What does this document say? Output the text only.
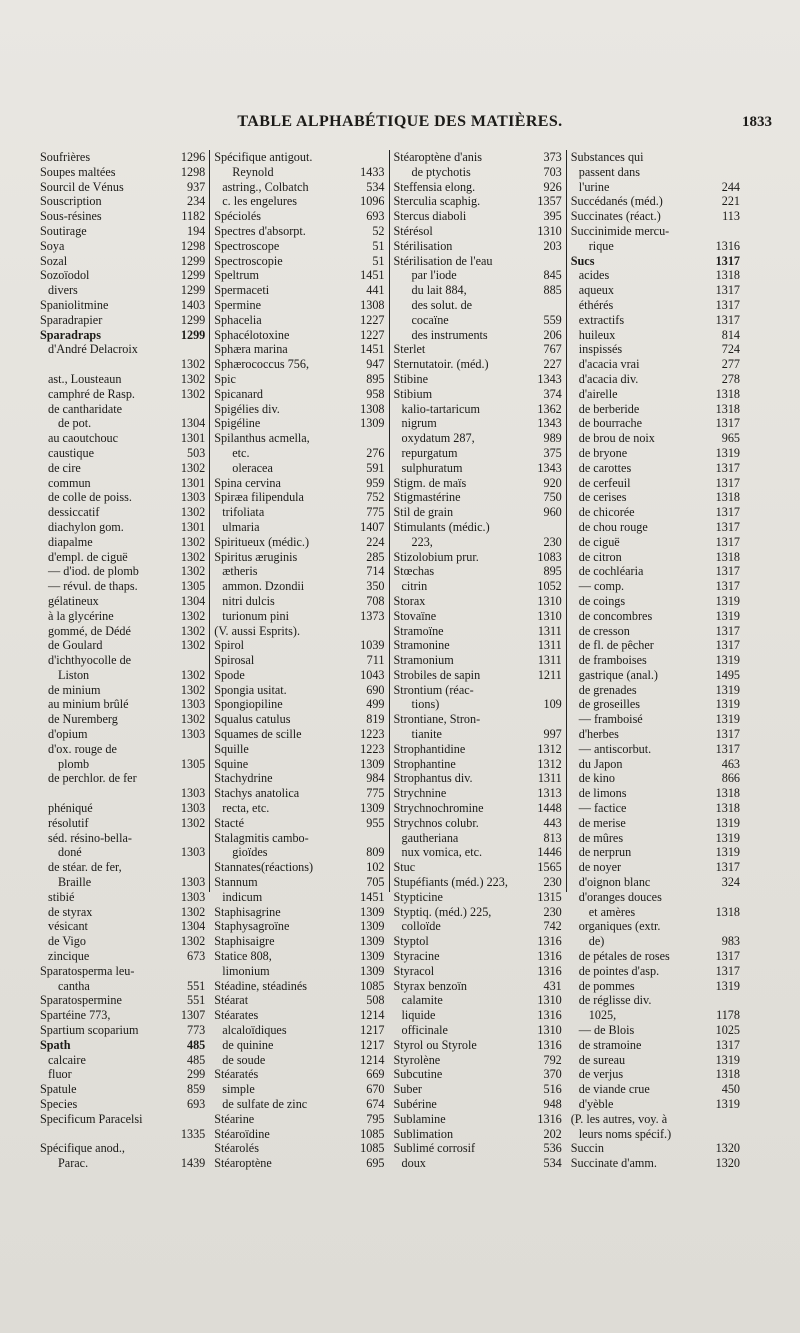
TABLE ALPHABÉTIQUE DES MATIÈRES.	1833
Soufrières	1296
Soupes maltées	1298
Sourcil de Vénus	937
Souscription	234
Sous-résines	1182
Soutirage	194
Soya	1298
Sozal	1299
Sozoïodol	1299
divers	1299
Spaniolitmine	1403
Sparadrapier	1299
Sparadraps	1299
d'André Delacroix
1302
ast., Lousteaun	1302
camphré de Rasp.	1302
de cantharidate
de pot.	1304
au caoutchouc	1301
caustique	503
de cire	1302
commun	1301
de colle de poiss.	1303
dessiccatif	1302
diachylon gom.	1301
diapalme	1302
d'empl. de ciguë	1302
— d'iod. de plomb	1302
— révul. de thaps.	1305
gélatineux	1304
à la glycérine	1302
gommé, de Dédé	1302
de Goulard	1302
d'ichthyocolle de
Liston	1302
de minium	1302
au minium brûlé	1303
de Nuremberg	1302
d'opium	1303
d'ox. rouge de
plomb	1305
de perchlor. de fer
1303
phéniqué	1303
résolutif	1302
séd. résino-bella-
doné	1303
de stéar. de fer,
Braille	1303
stibié	1303
de styrax	1302
vésicant	1304
de Vigo	1302
zincique	673
Sparatosperma leu-
cantha	551
Sparatospermine	551
Spartéine 773,	1307
Spartium scoparium	773
Spath	485
calcaire	485
fluor	299
Spatule	859
Species	693
Specificum Paracelsi
1335
Spécifique anod.,
Parac.	1439
Spécifique antigout.
Reynold	1433
astring., Colbatch	534
c. les engelures	1096
Spéciolés	693
Spectres d'absorpt.	52
Spectroscope	51
Spectroscopie	51
Speltrum	1451
Spermaceti	441
Spermine	1308
Sphacelia	1227
Sphacélotoxine	1227
Sphæra marina	1451
Sphærococcus 756,	947
Spic	895
Spicanard	958
Spigélies div.	1308
Spigéline	1309
Spilanthus acmella,
etc.	276
oleracea	591
Spina cervina	959
Spiræa filipendula	752
trifoliata	775
ulmaria	1407
Spiritueux (médic.)	224
Spiritus æruginis	285
ætheris	714
ammon. Dzondii	350
nitri dulcis	708
turionum pini	1373
(V. aussi Esprits).
Spirol	1039
Spirosal	711
Spode	1043
Spongia usitat.	690
Spongiopiline	499
Squalus catulus	819
Squames de scille	1223
Squille	1223
Squine	1309
Stachydrine	984
Stachys anatolica	775
recta, etc.	1309
Stacté	955
Stalagmitis cambo-
gioïdes	809
Stannates(réactions)	102
Stannum	705
indicum	1451
Staphisagrine	1309
Staphysagroïne	1309
Staphisaigre	1309
Statice 808,	1309
limonium	1309
Stéadine, stéadinés	1085
Stéarat	508
Stéarates	1214
alcaloïdiques	1217
de quinine	1217
de soude	1214
Stéaratés	669
simple	670
de sulfate de zinc	674
Stéarine	795
Stéaroïdine	1085
Stéarolés	1085
Stéaroptène	695
Stéaroptène d'anis	373
de ptychotis	703
Steffensia elong.	926
Sterculia scaphig.	1357
Stercus diaboli	395
Stérésol	1310
Stérilisation	203
Stérilisation de l'eau
par l'iode	845
du lait 884,	885
des solut. de
cocaïne	559
des instruments	206
Sterlet	767
Sternutatoir. (méd.)	227
Stibine	1343
Stibium	374
kalio-tartaricum	1362
nigrum	1343
oxydatum 287,	989
repurgatum	375
sulphuratum	1343
Stigm. de maïs	920
Stigmastérine	750
Stil de grain	960
Stimulants (médic.)
223,	230
Stizolobium prur.	1083
Stœchas	895
citrin	1052
Storax	1310
Stovaïne	1310
Stramoïne	1311
Stramonine	1311
Stramonium	1311
Strobiles de sapin	1211
Strontium (réac-
tions)	109
Strontiane, Stron-
tianite	997
Strophantidine	1312
Strophantine	1312
Strophantus div.	1311
Strychnine	1313
Strychnochromine	1448
Strychnos colubr.	443
gautheriana	813
nux vomica, etc.	1446
Stuc	1565
Stupéfiants (méd.) 223,	230
Stypticine	1315
Styptiq. (méd.) 225,	230
colloïde	742
Styptol	1316
Styracine	1316
Styracol	1316
Styrax benzoïn	431
calamite	1310
liquide	1316
officinale	1310
Styrol ou Styrole	1316
Styrolène	792
Subcutine	370
Suber	516
Subérine	948
Sublamine	1316
Sublimation	202
Sublimé corrosif	536
doux	534
Substances qui
passent dans
l'urine	244
Succédanés (méd.)	221
Succinates (réact.)	113
Succinimide mercu-
rique	1316
Sucs	1317
acides	1318
aqueux	1317
éthérés	1317
extractifs	1317
huileux	814
inspissés	724
d'acacia vrai	277
d'acacia div.	278
d'airelle	1318
de berberide	1318
de bourrache	1317
de brou de noix	965
de bryone	1319
de carottes	1317
de cerfeuil	1317
de cerises	1318
de chicorée	1317
de chou rouge	1317
de ciguë	1317
de citron	1318
de cochléaria	1317
— comp.	1317
de coings	1319
de concombres	1319
de cresson	1317
de fl. de pêcher	1317
de framboises	1319
gastrique (anal.)	1495
de grenades	1319
de groseilles	1319
— framboisé	1319
d'herbes	1317
— antiscorbut.	1317
du Japon	463
de kino	866
de limons	1318
— factice	1318
de merise	1319
de mûres	1319
de nerprun	1319
de noyer	1317
d'oignon blanc	324
d'oranges douces
et amères	1318
organiques (extr.
de)	983
de pétales de roses	1317
de pointes d'asp.	1317
de pommes	1319
de réglisse div.
1025,	1178
— de Blois	1025
de stramoine	1317
de sureau	1319
de verjus	1318
de viande crue	450
d'yèble	1319
(P. les autres, voy. à
leurs noms spécif.)
Succin	1320
Succinate d'amm.	1320
